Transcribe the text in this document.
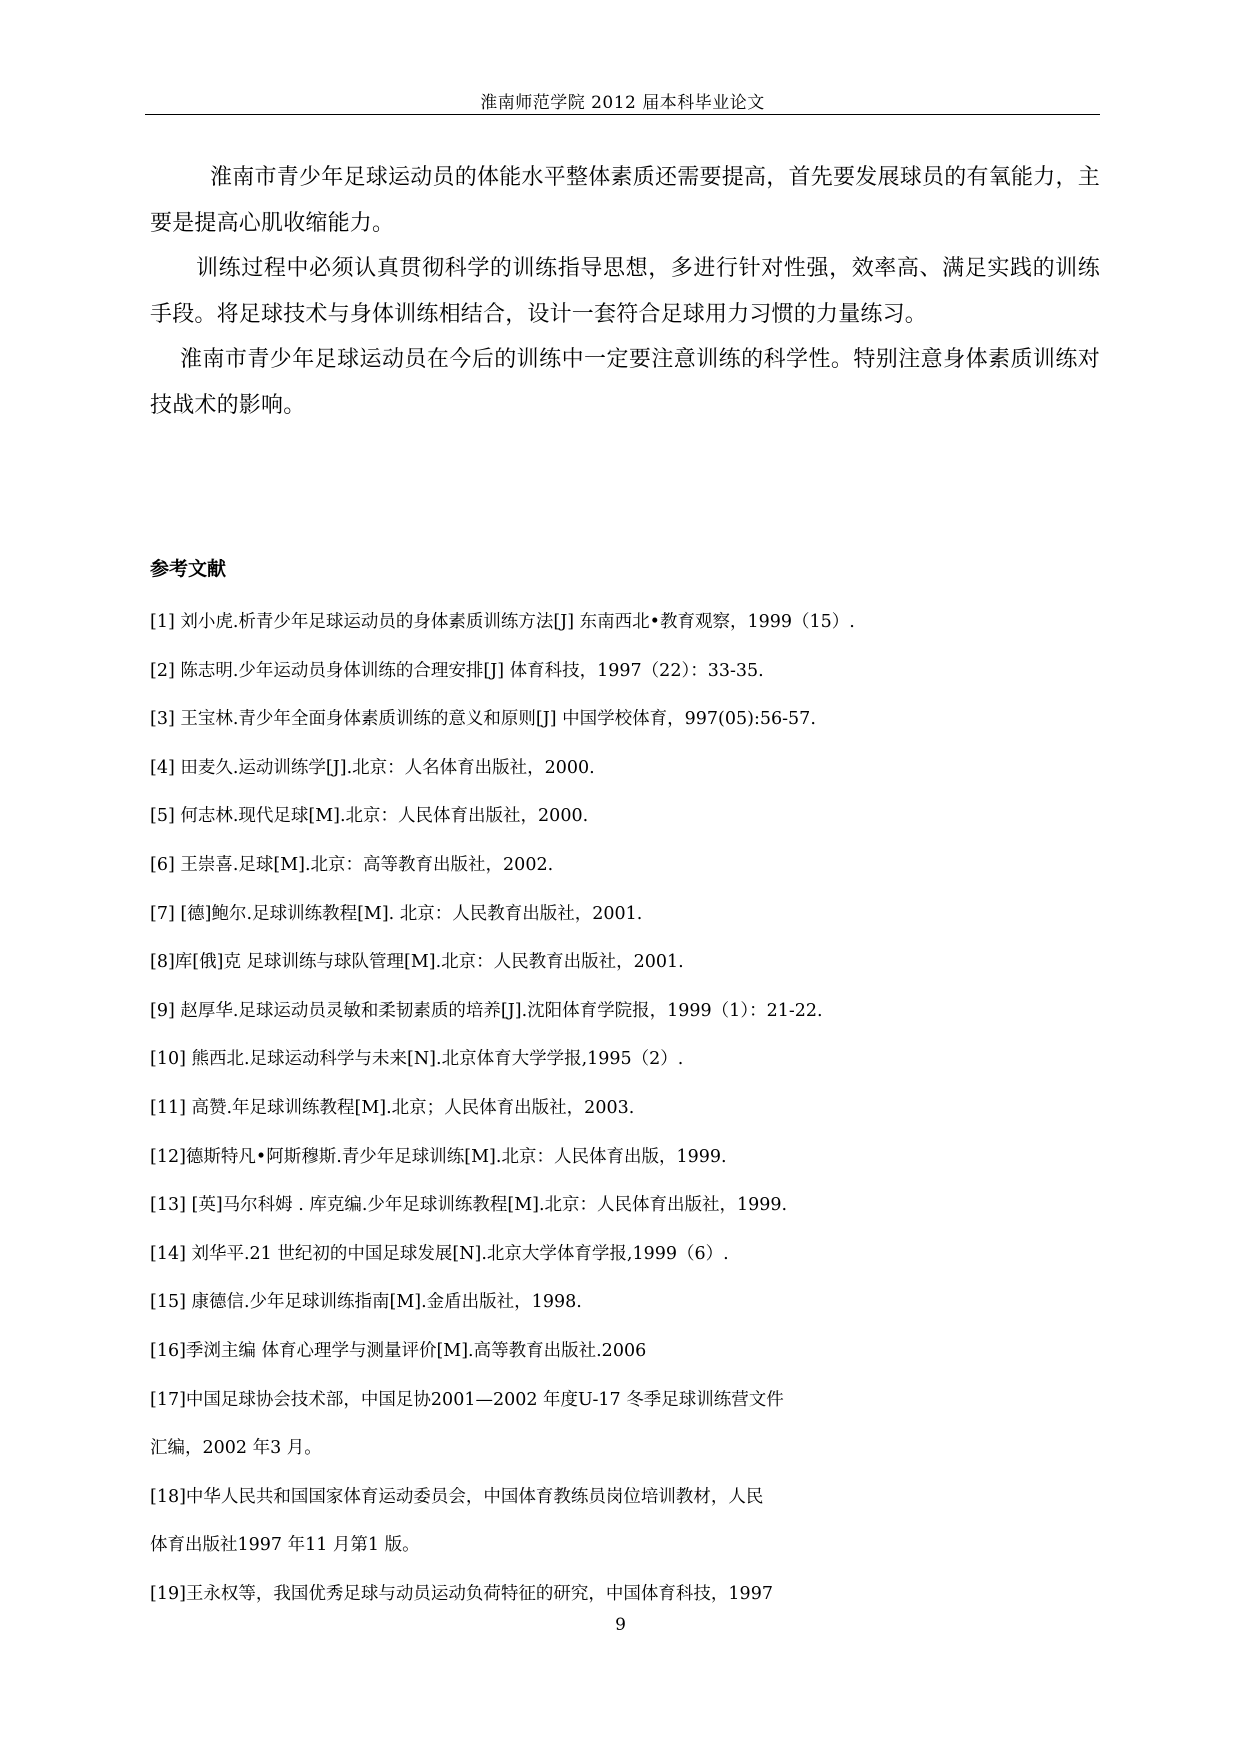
淮南师范学院 2012 届本科毕业论文

淮南市青少年足球运动员的体能水平整体素质还需要提高，首先要发展球员的有氧能力，主要是提高心肌收缩能力。

训练过程中必须认真贯彻科学的训练指导思想，多进行针对性强，效率高、满足实践的训练手段。将足球技术与身体训练相结合，设计一套符合足球用力习惯的力量练习。

淮南市青少年足球运动员在今后的训练中一定要注意训练的科学性。特别注意身体素质训练对技战术的影响。

参考文献
[1] 刘小虎.析青少年足球运动员的身体素质训练方法[J] 东南西北•教育观察，1999（15）.
[2] 陈志明.少年运动员身体训练的合理安排[J] 体育科技，1997（22）：33-35.
[3] 王宝林.青少年全面身体素质训练的意义和原则[J] 中国学校体育，997(05):56-57.
[4] 田麦久.运动训练学[J].北京：人名体育出版社，2000.
[5] 何志林.现代足球[M].北京：人民体育出版社，2000.
[6] 王崇喜.足球[M].北京：高等教育出版社，2002.
[7] [德]鲍尔.足球训练教程[M]. 北京：人民教育出版社，2001.
[8]库[俄]克 足球训练与球队管理[M].北京：人民教育出版社，2001.
[9] 赵厚华.足球运动员灵敏和柔韧素质的培养[J].沈阳体育学院报，1999（1）：21-22.
[10] 熊西北.足球运动科学与未来[N].北京体育大学学报,1995（2）.
[11] 高赞.年足球训练教程[M].北京；人民体育出版社，2003.
[12]德斯特凡•阿斯穆斯.青少年足球训练[M].北京：人民体育出版，1999.
[13] [英]马尔科姆 . 库克编.少年足球训练教程[M].北京：人民体育出版社，1999.
[14] 刘华平.21 世纪初的中国足球发展[N].北京大学体育学报,1999（6）.
[15] 康德信.少年足球训练指南[M].金盾出版社，1998.
[16]季浏主编 体育心理学与测量评价[M].高等教育出版社.2006
[17]中国足球协会技术部，中国足协2001—2002 年度U-17 冬季足球训练营文件
汇编，2002 年3 月。
[18]中华人民共和国国家体育运动委员会，中国体育教练员岗位培训教材，人民
体育出版社1997 年11 月第1 版。
[19]王永权等，我国优秀足球与动员运动负荷特征的研究，中国体育科技，1997
9
